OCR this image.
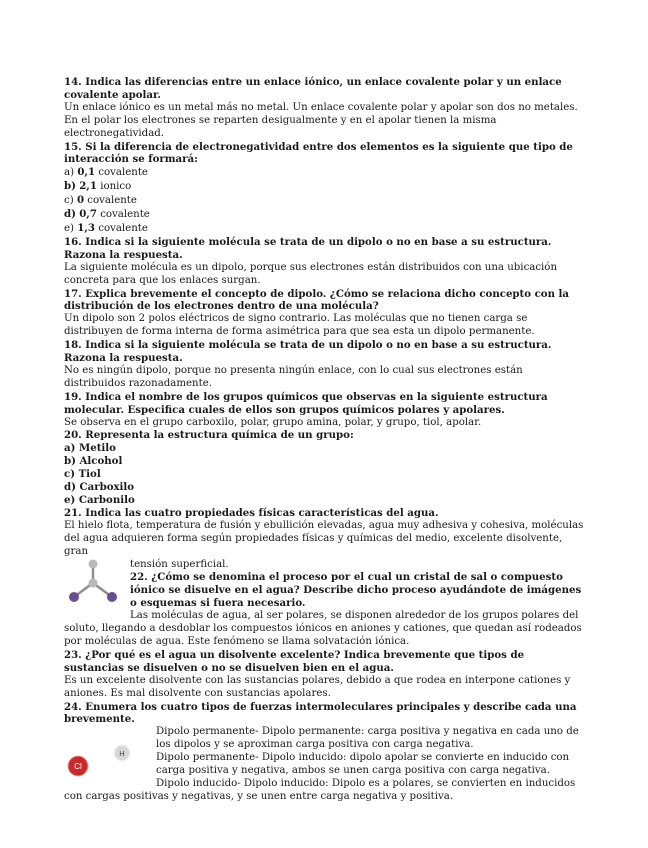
14. Indica las diferencias entre un enlace iónico, un enlace covalente polar y un enlace covalente apolar.

Un enlace iónico es un metal más no metal. Un enlace covalente polar y apolar son dos no metales. En el polar los electrones se reparten desigualmente y en el apolar tienen la misma electronegatividad.

15. Si la diferencia de electronegatividad entre dos elementos es la siguiente que tipo de interacción se formará:

a) 0,1 covalente
b) 2,1 ionico
c) 0 covalente
d) 0,7 covalente
e) 1,3 covalente

16. Indica si la siguiente molécula se trata de un dipolo o no en base a su estructura. Razona la respuesta.

La siguiente molécula es un dipolo, porque sus electrones están distribuidos con una ubicación concreta para que los enlaces surgan.

17. Explica brevemente el concepto de dipolo. ¿Cómo se relaciona dicho concepto con la distribución de los electrones dentro de una molécula?

Un dipolo son 2 polos eléctricos de signo contrario. Las moléculas que no tienen carga se distribuyen de forma interna de forma asimétrica para que sea esta un dipolo permanente.

18. Indica si la siguiente molécula se trata de un dipolo o no en base a su estructura. Razona la respuesta.

No es ningún dipolo, porque no presenta ningún enlace, con lo cual sus electrones están distribuidos razonadamente.

19. Indica el nombre de los grupos químicos que observas en la siguiente estructura molecular. Especifica cuales de ellos son grupos químicos polares y apolares.

Se observa en el grupo carboxilo, polar, grupo amina, polar, y grupo, tiol, apolar.

20. Representa la estructura química de un grupo:

a) Metilo
b) Alcohol
c) Tiol
d) Carboxilo
e) Carbonilo

21. Indica las cuatro propiedades físicas características del agua.

El hielo flota, temperatura de fusión y ebullición elevadas, agua muy adhesiva y cohesiva, moléculas del agua adquieren forma según propiedades físicas y químicas del medio, excelente disolvente, gran

tensión superficial.

22. ¿Cómo se denomina el proceso por el cual un cristal de sal o compuesto iónico se disuelve en el agua? Describe dicho proceso ayudándote de imágenes o esquemas si fuera necesario.

Las moléculas de agua, al ser polares, se disponen alrededor de los grupos polares del

soluto, llegando a desdoblar los compuestos iónicos en aniones y cationes, que quedan así rodeados por moléculas de agua. Este fenómeno se llama solvatación iónica.

23. ¿Por qué es el agua un disolvente excelente? Indica brevemente que tipos de sustancias se disuelven o no se disuelven bien en el agua.

Es un excelente disolvente con las sustancias polares, debido a que rodea en interpone cationes y aniones. Es mal disolvente con sustancias apolares.

24. Enumera los cuatro tipos de fuerzas intermoleculares principales y describe cada una brevemente.

Cl
H

Dipolo permanente- Dipolo permanente: carga positiva y negativa en cada uno de los dipolos y se aproximan carga positiva con carga negativa.

Dipolo permanente- Dipolo inducido: dipolo apolar se convierte en inducido con carga positiva y negativa, ambos se unen carga positiva con carga negativa.

Dipolo inducido- Dipolo inducido: Dipolo es a polares, se convierten en inducidos

con cargas positivas y negativas, y se unen entre carga negativa y positiva.
